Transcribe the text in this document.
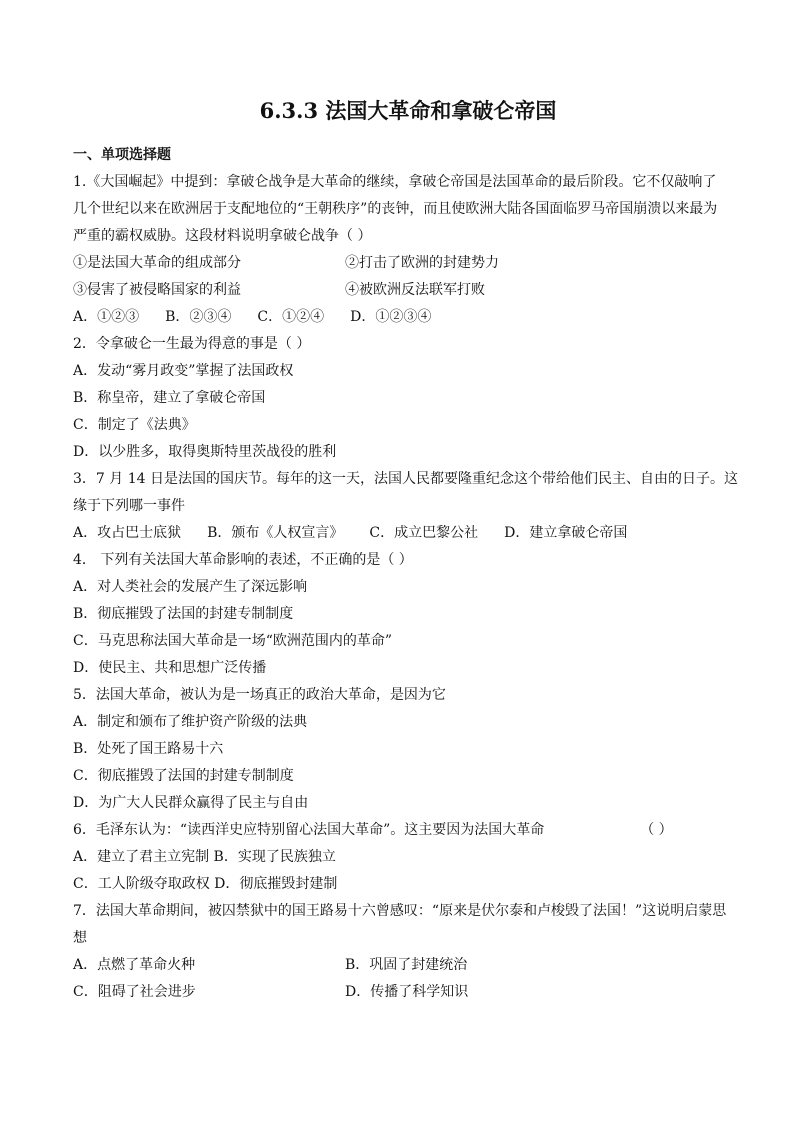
6.3.3 法国大革命和拿破仑帝国
一、单项选择题
1.《大国崛起》中提到：拿破仑战争是大革命的继续，拿破仑帝国是法国革命的最后阶段。它不仅敲响了
几个世纪以来在欧洲居于支配地位的“王朝秩序”的丧钟，而且使欧洲大陆各国面临罗马帝国崩溃以来最为
严重的霸权威胁。这段材料说明拿破仑战争（ ）
①是法国大革命的组成部分	②打击了欧洲的封建势力
③侵害了被侵略国家的利益	④被欧洲反法联军打败
A．①②③ B．②③④ C．①②④ D．①②③④
2．令拿破仑一生最为得意的事是（ ）
A．发动“雾月政变”掌握了法国政权
B．称皇帝，建立了拿破仑帝国
C．制定了《法典》
D．以少胜多，取得奥斯特里茨战役的胜利
3．7 月 14 日是法国的国庆节。每年的这一天，法国人民都要隆重纪念这个带给他们民主、自由的日子。这
缘于下列哪一事件
A．攻占巴士底狱 B．颁布《人权宣言》 C．成立巴黎公社 D．建立拿破仑帝国
4． 下列有关法国大革命影响的表述，不正确的是（ ）
A．对人类社会的发展产生了深远影响
B．彻底摧毁了法国的封建专制制度
C．马克思称法国大革命是一场“欧洲范围内的革命”
D．使民主、共和思想广泛传播
5．法国大革命，被认为是一场真正的政治大革命，是因为它
A．制定和颁布了维护资产阶级的法典
B．处死了国王路易十六
C．彻底摧毁了法国的封建专制制度
D．为广大人民群众赢得了民主与自由
6．毛泽东认为：“读西洋史应特别留心法国大革命”。这主要因为法国大革命	（ ）
A．建立了君主立宪制 B．实现了民族独立
C．工人阶级夺取政权 D．彻底摧毁封建制
7．法国大革命期间，被囚禁狱中的国王路易十六曾感叹：“原来是伏尔泰和卢梭毁了法国！”这说明启蒙思
想
A．点燃了革命火种	B．巩固了封建统治
C．阻碍了社会进步	D．传播了科学知识
